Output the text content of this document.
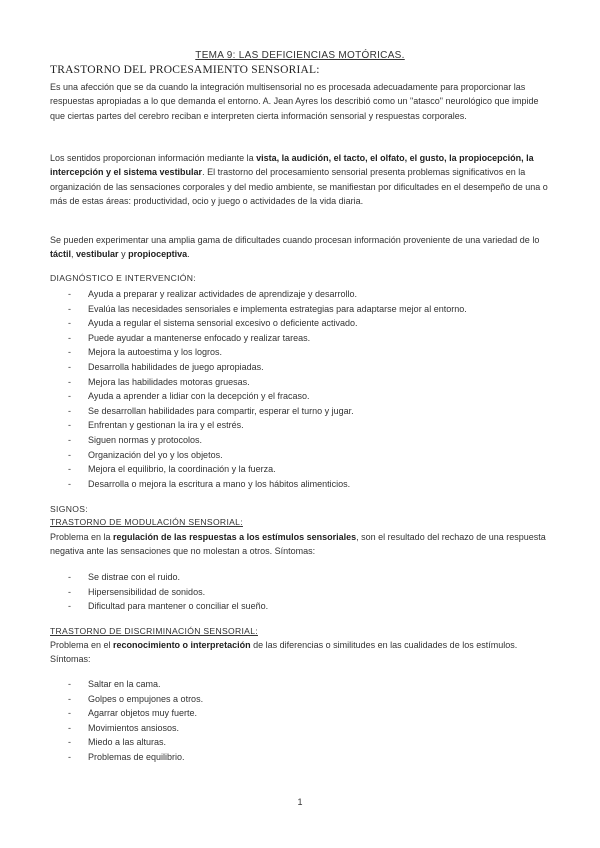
TEMA 9: LAS DEFICIENCIAS MOTÓRICAS.
TRASTORNO DEL PROCESAMIENTO SENSORIAL:

Es una afección que se da cuando la integración multisensorial no es procesada adecuadamente para proporcionar las respuestas apropiadas a lo que demanda el entorno. A. Jean Ayres los describió como un "atasco" neurológico que impide que ciertas partes del cerebro reciban e interpreten cierta información sensorial y respuestas corporales.

Los sentidos proporcionan información mediante la vista, la audición, el tacto, el olfato, el gusto, la propiocepción, la intercepción y el sistema vestibular. El trastorno del procesamiento sensorial presenta problemas significativos en la organización de las sensaciones corporales y del medio ambiente, se manifiestan por dificultades en el desempeño de una o más de estas áreas: productividad, ocio y juego o actividades de la vida diaria.

Se pueden experimentar una amplia gama de dificultades cuando procesan información proveniente de una variedad de lo táctil, vestibular y propioceptiva.

DIAGNÓSTICO E INTERVENCIÓN:
- Ayuda a preparar y realizar actividades de aprendizaje y desarrollo.
- Evalúa las necesidades sensoriales e implementa estrategias para adaptarse mejor al entorno.
- Ayuda a regular el sistema sensorial excesivo o deficiente activado.
- Puede ayudar a mantenerse enfocado y realizar tareas.
- Mejora la autoestima y los logros.
- Desarrolla habilidades de juego apropiadas.
- Mejora las habilidades motoras gruesas.
- Ayuda a aprender a lidiar con la decepción y el fracaso.
- Se desarrollan habilidades para compartir, esperar el turno y jugar.
- Enfrentan y gestionan la ira y el estrés.
- Siguen normas y protocolos.
- Organización del yo y los objetos.
- Mejora el equilibrio, la coordinación y la fuerza.
- Desarrolla o mejora la escritura a mano y los hábitos alimenticios.
SIGNOS:
TRASTORNO DE MODULACIÓN SENSORIAL:

Problema en la regulación de las respuestas a los estímulos sensoriales, son el resultado del rechazo de una respuesta negativa ante las sensaciones que no molestan a otros. Síntomas:

- Se distrae con el ruido.
- Hipersensibilidad de sonidos.
- Dificultad para mantener o conciliar el sueño.
TRASTORNO DE DISCRIMINACIÓN SENSORIAL:

Problema en el reconocimiento o interpretación de las diferencias o similitudes en las cualidades de los estímulos. Síntomas:

- Saltar en la cama.
- Golpes o empujones a otros.
- Agarrar objetos muy fuerte.
- Movimientos ansiosos.
- Miedo a las alturas.
- Problemas de equilibrio.
1
